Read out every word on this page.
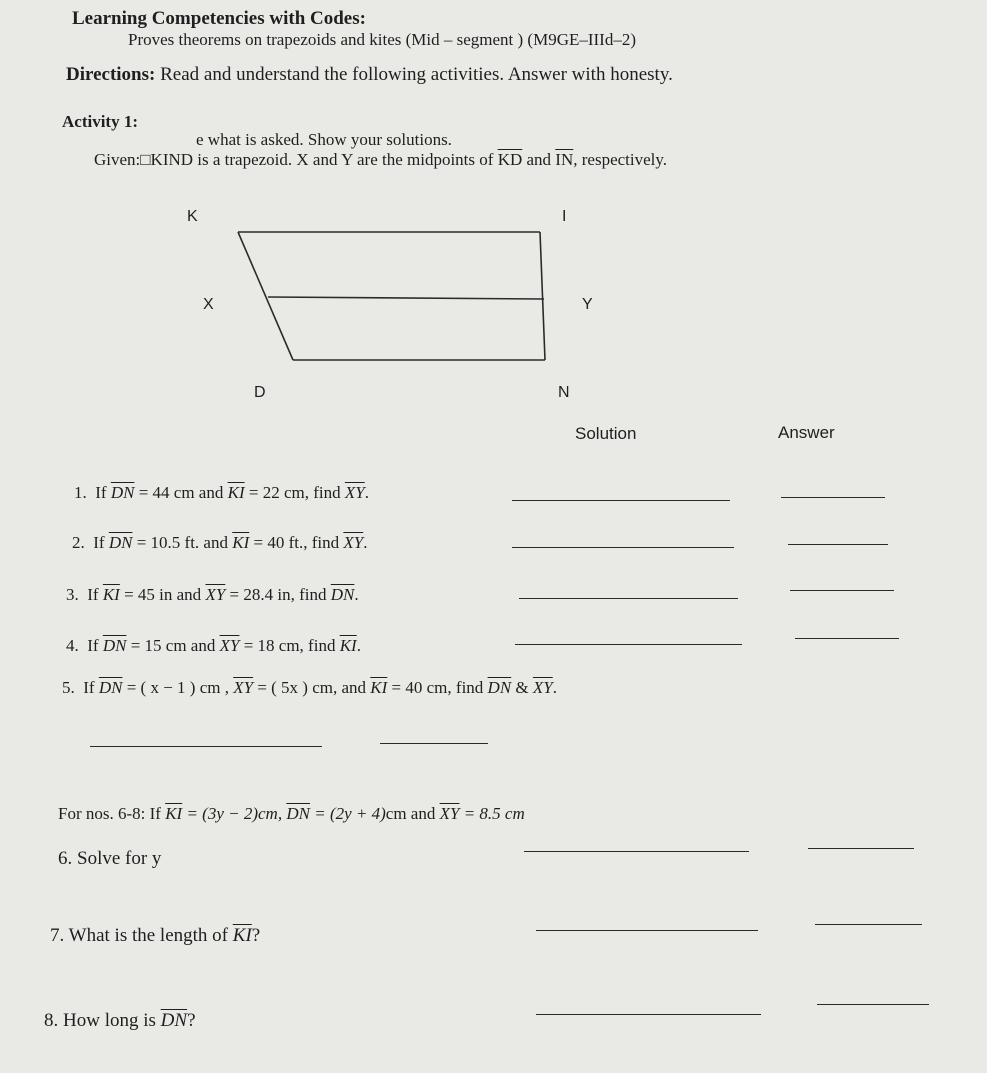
Learning Competencies with Codes:
Proves theorems on trapezoids and kites (Mid – segment ) (M9GE–IIId–2)
Directions: Read and understand the following activities. Answer with honesty.
Activity 1:
e what is asked. Show your solutions.
Given:□KIND is a trapezoid. X and Y are the midpoints of $\overline{KD}$ and $\overline{IN}$, respectively.
K	I
X	Y
D	N
Solution	Answer
1. If $\overline{DN} = 44$ cm and $\overline{KI} = 22$ cm, find $\overline{XY}$.
2. If $\overline{DN} = 10.5$ ft. and $\overline{KI} = 40$ ft., find $\overline{XY}$.
3. If $\overline{KI} = 45$ in and $\overline{XY} = 28.4$ in, find $\overline{DN}$.
4. If $\overline{DN} = 15$ cm and $\overline{XY} = 18$ cm, find $\overline{KI}$.
5. If $\overline{DN}$ = ( x − 1 ) cm , $\overline{XY}$ = ( 5x ) cm, and $\overline{KI} = 40$ cm, find $\overline{DN}$ & $\overline{XY}$.
For nos. 6-8: If $\overline{KI} = (3y - 2)cm$, $\overline{DN} = (2y + 4)cm$ and $\overline{XY} = 8.5$ cm
6. Solve for y
7. What is the length of $\overline{KI}$?
8. How long is $\overline{DN}$?
